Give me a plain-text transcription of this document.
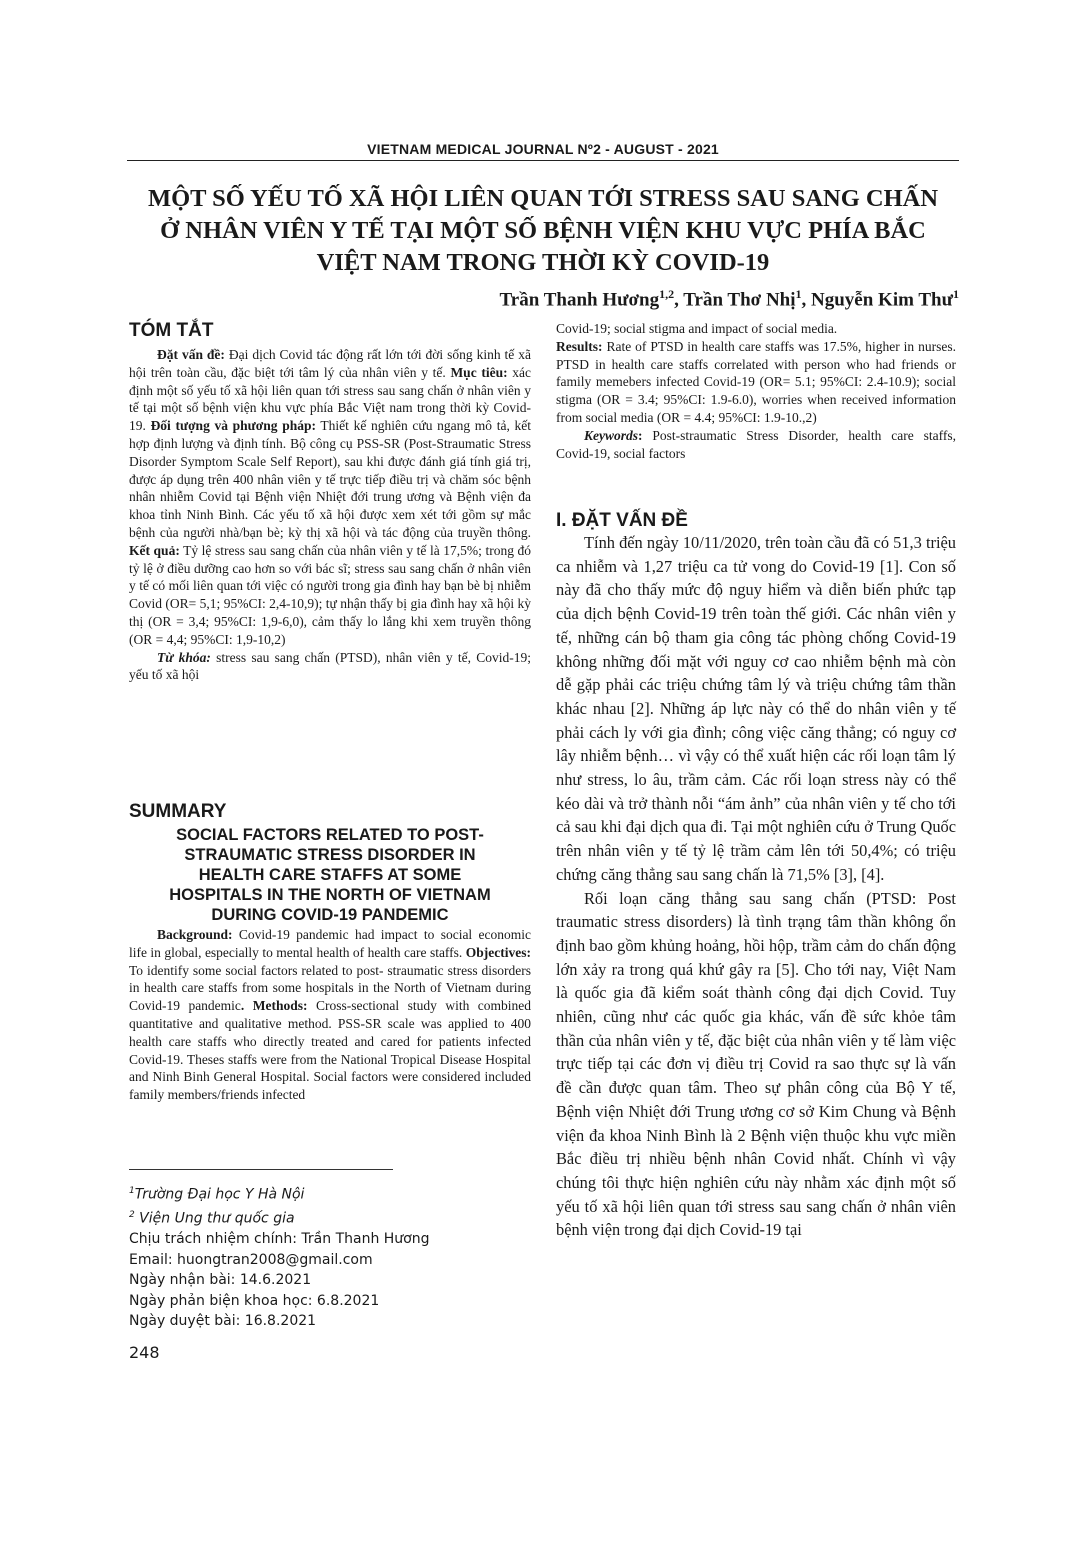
VIETNAM MEDICAL JOURNAL Nº2 - AUGUST - 2021
MỘT SỐ YẾU TỐ XÃ HỘI LIÊN QUAN TỚI STRESS SAU SANG CHẤN
Ở NHÂN VIÊN Y TẾ TẠI MỘT SỐ BỆNH VIỆN KHU VỰC PHÍA BẮC
VIỆT NAM TRONG THỜI KỲ COVID-19
Trần Thanh Hương$^{1,2}$, Trần Thơ Nhị$^1$, Nguyễn Kim Thư$^1$
TÓM TẮT

Đặt vấn đề: Đại dịch Covid tác động rất lớn tới đời sống kinh tế xã hội trên toàn cầu, đặc biệt tới tâm lý của nhân viên y tế. Mục tiêu: xác định một số yếu tố xã hội liên quan tới stress sau sang chấn ở nhân viên y tế tại một số bệnh viện khu vực phía Bắc Việt nam trong thời kỳ Covid-19. Đối tượng và phương pháp: Thiết kế nghiên cứu ngang mô tả, kết hợp định lượng và định tính. Bộ công cụ PSS-SR (Post-Straumatic Stress Disorder Symptom Scale Self Report), sau khi được đánh giá tính giá trị, được áp dụng trên 400 nhân viên y tế trực tiếp điều trị và chăm sóc bệnh nhân nhiễm Covid tại Bệnh viện Nhiệt đới trung ương và Bệnh viện đa khoa tỉnh Ninh Bình. Các yếu tố xã hội được xem xét tới gồm sự mắc bệnh của người nhà/bạn bè; kỳ thị xã hội và tác động của truyền thông. Kết quả: Tỷ lệ stress sau sang chấn của nhân viên y tế là 17,5%; trong đó tỷ lệ ở điều dưỡng cao hơn so với bác sĩ; stress sau sang chấn ở nhân viên y tế có mối liên quan tới việc có người trong gia đình hay bạn bè bị nhiễm Covid (OR= 5,1; 95%CI: 2,4-10,9); tự nhận thấy bị gia đình hay xã hội kỳ thị (OR = 3,4; 95%CI: 1,9-6,0), cảm thấy lo lắng khi xem truyền thông (OR = 4,4; 95%CI: 1,9-10,2)

Từ khóa: stress sau sang chấn (PTSD), nhân viên y tế, Covid-19; yếu tố xã hội

SUMMARY
SOCIAL FACTORS RELATED TO POST-
STRAUMATIC STRESS DISORDER IN
HEALTH CARE STAFFS AT SOME
HOSPITALS IN THE NORTH OF VIETNAM
DURING COVID-19 PANDEMIC

Background: Covid-19 pandemic had impact to social economic life in global, especially to mental health of health care staffs. Objectives: To identify some social factors related to post- straumatic stress disorders in health care staffs from some hospitals in the North of Vietnam during Covid-19 pandemic. Methods: Cross-sectional study with combined quantitative and qualitative method. PSS-SR scale was applied to 400 health care staffs who directly treated and cared for patients infected Covid-19. Theses staffs were from the National Tropical Disease Hospital and Ninh Binh General Hospital. Social factors were considered included family members/friends infected

$^1$Trường Đại học Y Hà Nội
$^2$ Viện Ung thư quốc gia
Chịu trách nhiệm chính: Trần Thanh Hương
Email: huongtran2008@gmail.com
Ngày nhận bài: 14.6.2021
Ngày phản biện khoa học: 6.8.2021
Ngày duyệt bài: 16.8.2021
248

Covid-19; social stigma and impact of social media.

Results: Rate of PTSD in health care staffs was 17.5%, higher in nurses. PTSD in health care staffs correlated with person who had friends or family memebers infected Covid-19 (OR= 5.1; 95%CI: 2.4-10.9); social stigma (OR = 3.4; 95%CI: 1.9-6.0), worries when received information from social media (OR = 4.4; 95%CI: 1.9-10.,2)

Keywords: Post-straumatic Stress Disorder, health care staffs, Covid-19, social factors

I. ĐẶT VẤN ĐỀ

Tính đến ngày 10/11/2020, trên toàn cầu đã có 51,3 triệu ca nhiễm và 1,27 triệu ca tử vong do Covid-19 [1]. Con số này đã cho thấy mức độ nguy hiểm và diễn biến phức tạp của dịch bệnh Covid-19 trên toàn thế giới. Các nhân viên y tế, những cán bộ tham gia công tác phòng chống Covid-19 không những đối mặt với nguy cơ cao nhiễm bệnh mà còn dễ gặp phải các triệu chứng tâm lý và triệu chứng tâm thần khác nhau [2]. Những áp lực này có thể do nhân viên y tế phải cách ly với gia đình; công việc căng thẳng; có nguy cơ lây nhiễm bệnh… vì vậy có thể xuất hiện các rối loạn tâm lý như stress, lo âu, trầm cảm. Các rối loạn stress này có thể kéo dài và trở thành nỗi “ám ảnh” của nhân viên y tế cho tới cả sau khi đại dịch qua đi. Tại một nghiên cứu ở Trung Quốc trên nhân viên y tế tỷ lệ trầm cảm lên tới 50,4%; có triệu chứng căng thẳng sau sang chấn là 71,5% [3], [4].

Rối loạn căng thẳng sau sang chấn (PTSD: Post traumatic stress disorders) là tình trạng tâm thần không ổn định bao gồm khủng hoảng, hồi hộp, trầm cảm do chấn động lớn xảy ra trong quá khứ gây ra [5]. Cho tới nay, Việt Nam là quốc gia đã kiểm soát thành công đại dịch Covid. Tuy nhiên, cũng như các quốc gia khác, vấn đề sức khỏe tâm thần của nhân viên y tế, đặc biệt của nhân viên y tế làm việc trực tiếp tại các đơn vị điều trị Covid ra sao thực sự là vấn đề cần được quan tâm. Theo sự phân công của Bộ Y tế, Bệnh viện Nhiệt đới Trung ương cơ sở Kim Chung và Bệnh viện đa khoa Ninh Bình là 2 Bệnh viện thuộc khu vực miền Bắc điều trị nhiều bệnh nhân Covid nhất. Chính vì vậy chúng tôi thực hiện nghiên cứu này nhằm xác định một số yếu tố xã hội liên quan tới stress sau sang chấn ở nhân viên bệnh viện trong đại dịch Covid-19 tại
